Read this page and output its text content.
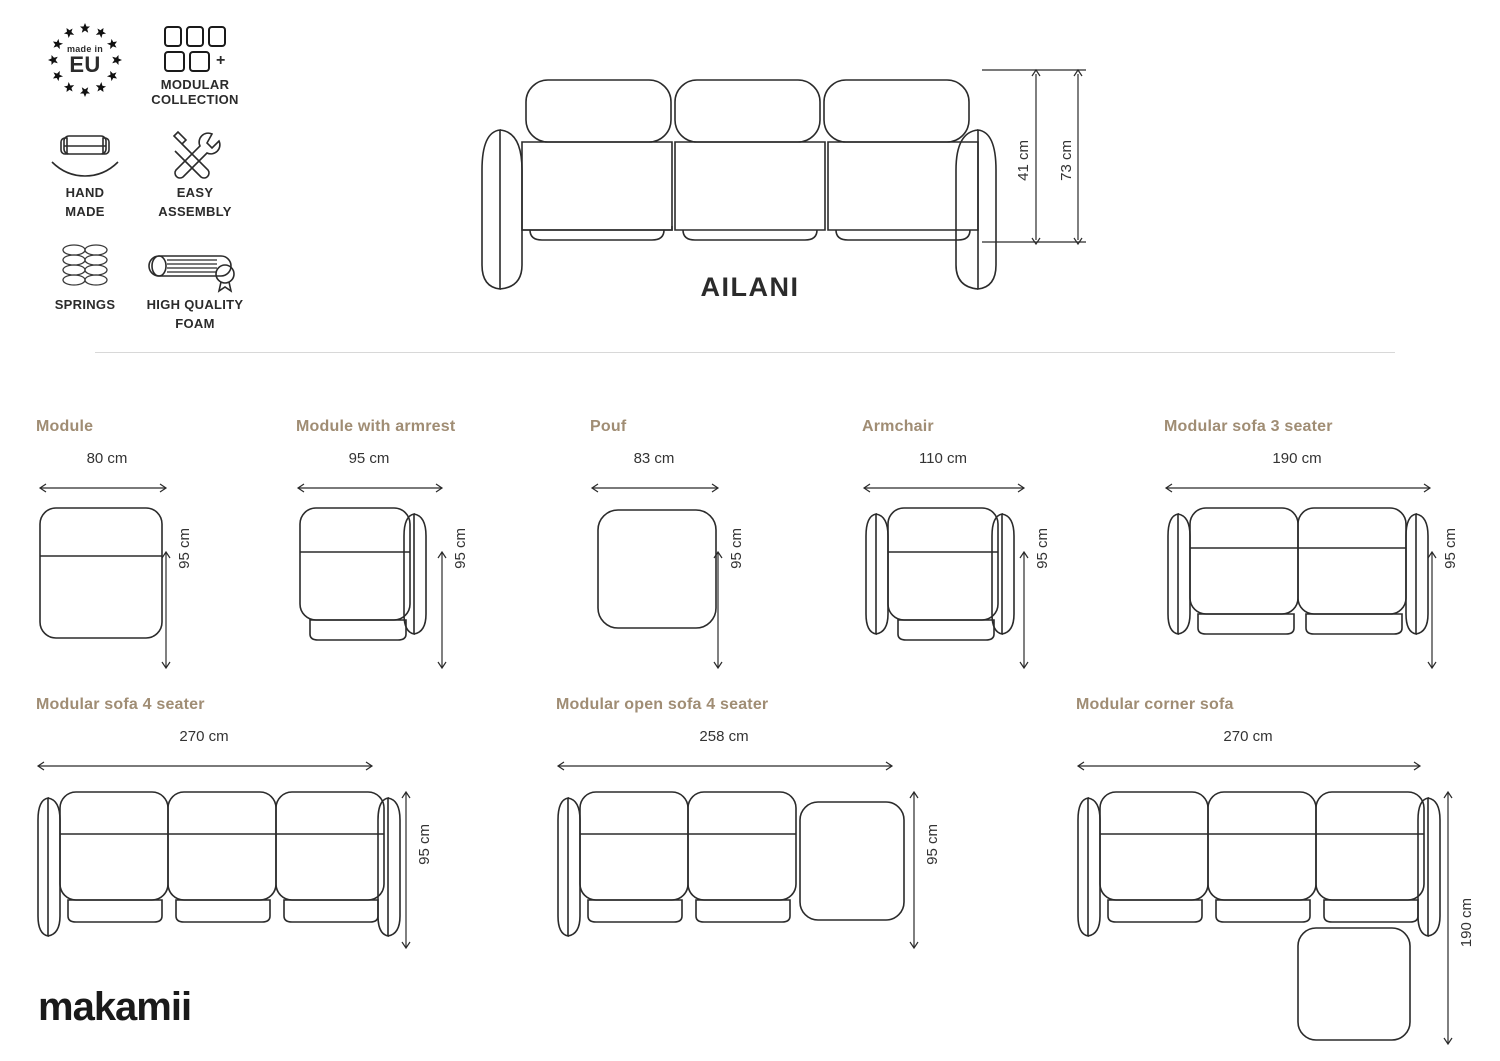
made in
EU	+
MODULAR
COLLECTION
HAND
MADE
EASY
ASSEMBLY
SPRINGS	HIGH QUALITY
FOAM
41 cm 73 cm
AILANI
Module
80 cm
95 cm
Module with armrest
95 cm
95 cm
Pouf
83 cm
95 cm
Armchair
110 cm
95 cm
Modular sofa 3 seater
190 cm
95 cm
Modular sofa 4 seater
270 cm
95 cm
Modular open sofa 4 seater
258 cm
95 cm
Modular corner sofa
270 cm
190 cm
makamii
